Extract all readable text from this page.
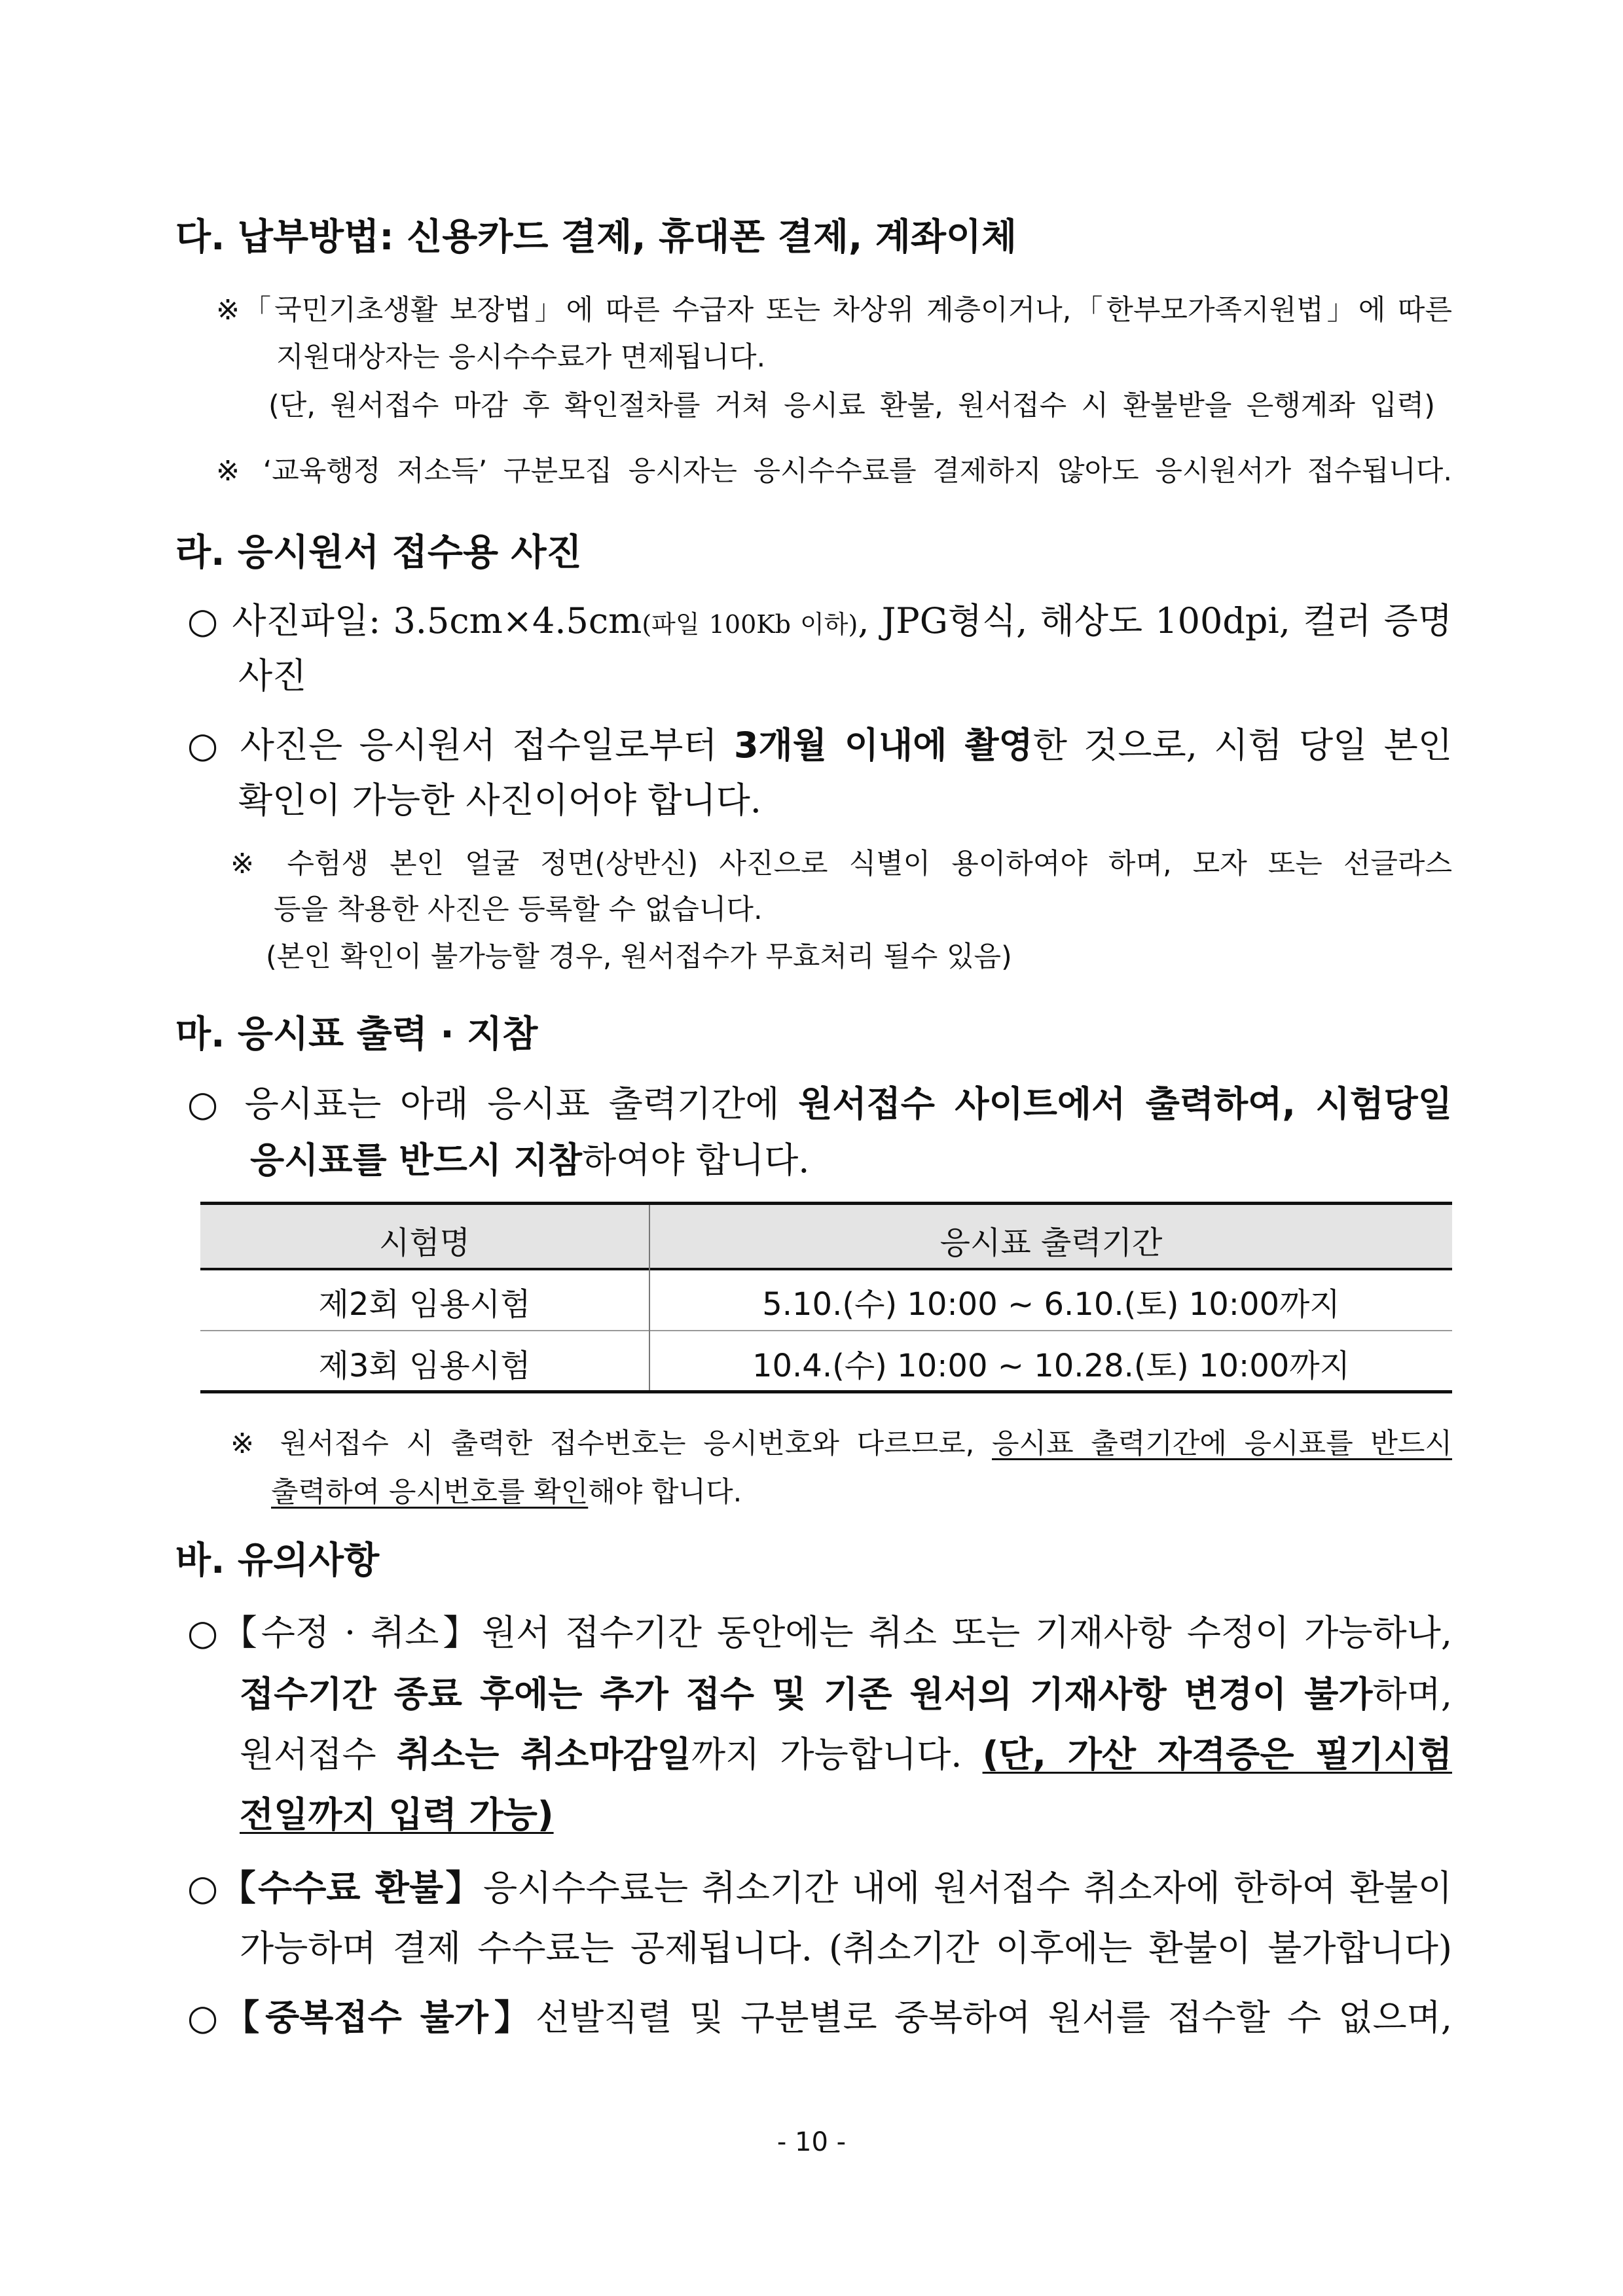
다. 납부방법: 신용카드 결제, 휴대폰 결제, 계좌이체
※「국민기초생활 보장법」에 따른 수급자 또는 차상위 계층이거나,「한부모가족지원법」에 따른
지원대상자는 응시수수료가 면제됩니다.
(단, 원서접수 마감 후 확인절차를 거쳐 응시료 환불, 원서접수 시 환불받을 은행계좌 입력)
※ ‘교육행정 저소득’ 구분모집 응시자는 응시수수료를 결제하지 않아도 응시원서가 접수됩니다.
라. 응시원서 접수용 사진
○ 사진파일: 3.5cm×4.5cm(파일 100Kb 이하), JPG형식, 해상도 100dpi, 컬러 증명
사진
○ 사진은 응시원서 접수일로부터 3개월 이내에 촬영한 것으로, 시험 당일 본인
확인이 가능한 사진이어야 합니다.
※ 수험생 본인 얼굴 정면(상반신) 사진으로 식별이 용이하여야 하며, 모자 또는 선글라스
등을 착용한 사진은 등록할 수 없습니다.
(본인 확인이 불가능할 경우, 원서접수가 무효처리 될수 있음)
마. 응시표 출력 · 지참
○ 응시표는 아래 응시표 출력기간에 원서접수 사이트에서 출력하여, 시험당일
응시표를 반드시 지참하여야 합니다.
시험명	응시표 출력기간
제2회 임용시험	5.10.(수) 10:00 ~ 6.10.(토) 10:00까지
제3회 임용시험	10.4.(수) 10:00 ~ 10.28.(토) 10:00까지
※ 원서접수 시 출력한 접수번호는 응시번호와 다르므로, 응시표 출력기간에 응시표를 반드시
출력하여 응시번호를 확인해야 합니다.
바. 유의사항
○【수정 · 취소】원서 접수기간 동안에는 취소 또는 기재사항 수정이 가능하나,
접수기간 종료 후에는 추가 접수 및 기존 원서의 기재사항 변경이 불가하며,
원서접수 취소는 취소마감일까지 가능합니다. (단, 가산 자격증은 필기시험
전일까지 입력 가능)
○【수수료 환불】응시수수료는 취소기간 내에 원서접수 취소자에 한하여 환불이
가능하며 결제 수수료는 공제됩니다. (취소기간 이후에는 환불이 불가합니다)
○【중복접수 불가】선발직렬 및 구분별로 중복하여 원서를 접수할 수 없으며,
- 10 -
